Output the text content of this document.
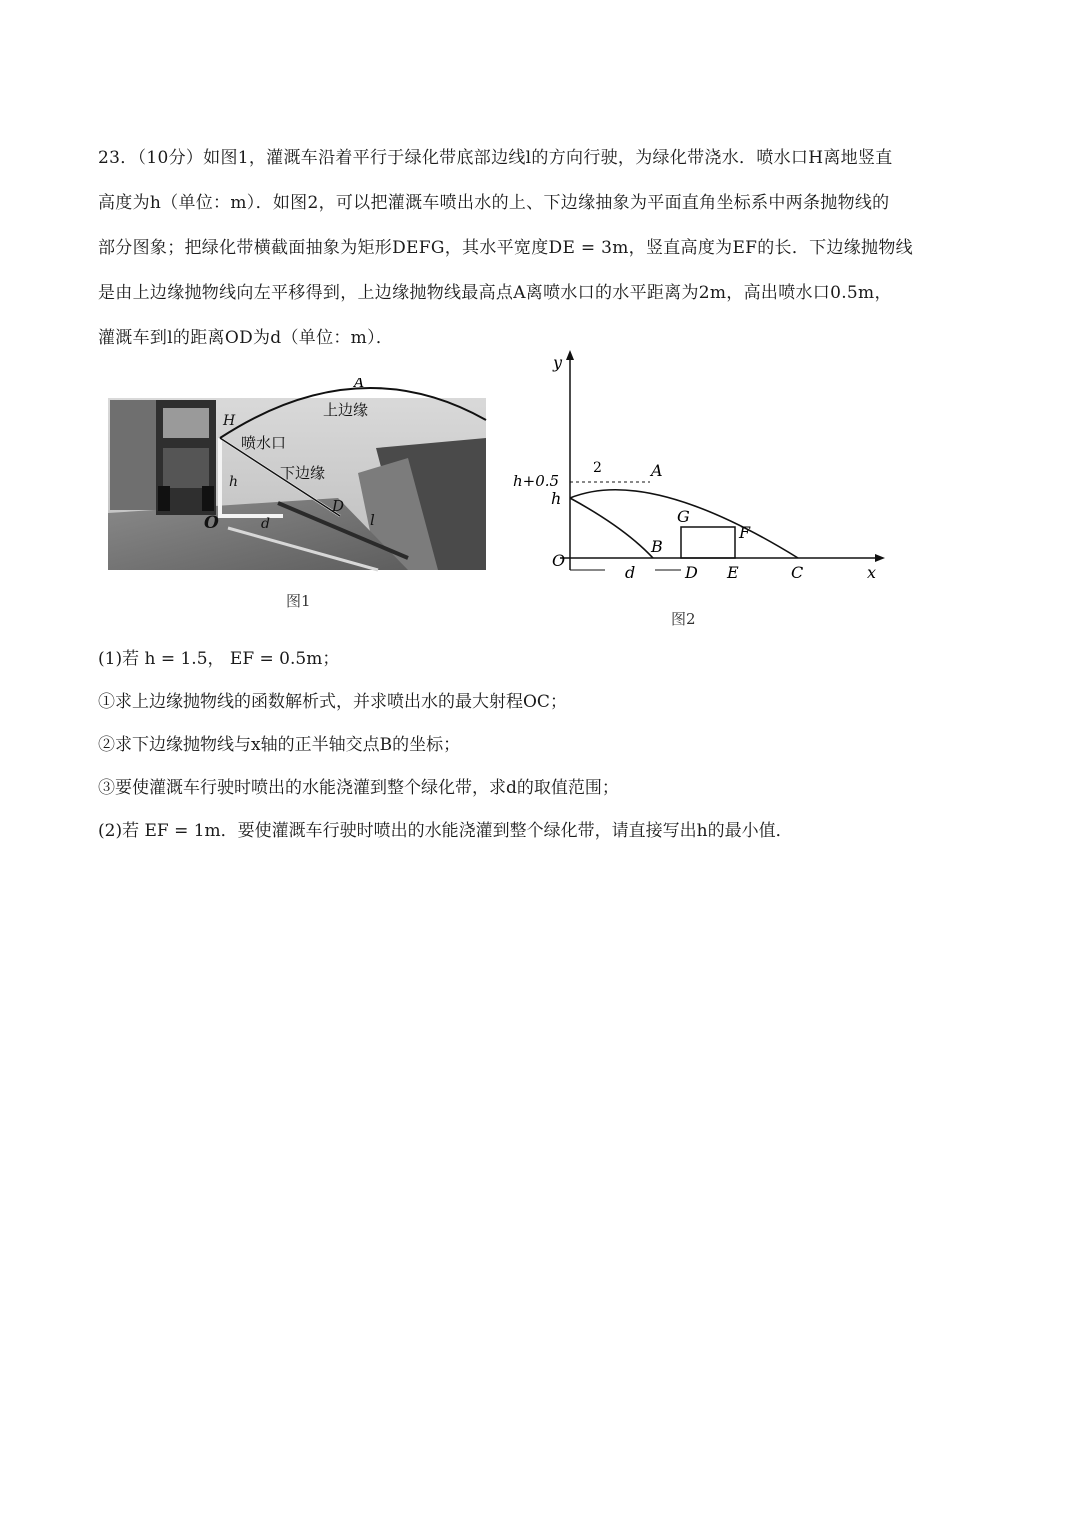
23．（10分）如图1，灌溉车沿着平行于绿化带底部边线l的方向行驶，为绿化带浇水．喷水口H离地竖直
高度为h（单位：m）．如图2，可以把灌溉车喷出水的上、下边缘抽象为平面直角坐标系中两条抛物线的
部分图象；把绿化带横截面抽象为矩形DEFG，其水平宽度DE = 3m，竖直高度为EF的长．下边缘抛物线
是由上边缘抛物线向左平移得到，上边缘抛物线最高点A离喷水口的水平距离为2m，高出喷水口0.5m，
灌溉车到l的距离OD为d（单位：m）．
A
H
上边缘
喷水口
下边缘
h
O	d
D
l
图1
y
x
O
h
h+0.5
2	A
B
C
D E
F
G
d
图2
(1)若 h = 1.5， EF = 0.5m；
①求上边缘抛物线的函数解析式，并求喷出水的最大射程OC；
②求下边缘抛物线与x轴的正半轴交点B的坐标；
③要使灌溉车行驶时喷出的水能浇灌到整个绿化带，求d的取值范围；
(2)若 EF = 1m．要使灌溉车行驶时喷出的水能浇灌到整个绿化带，请直接写出h的最小值．
